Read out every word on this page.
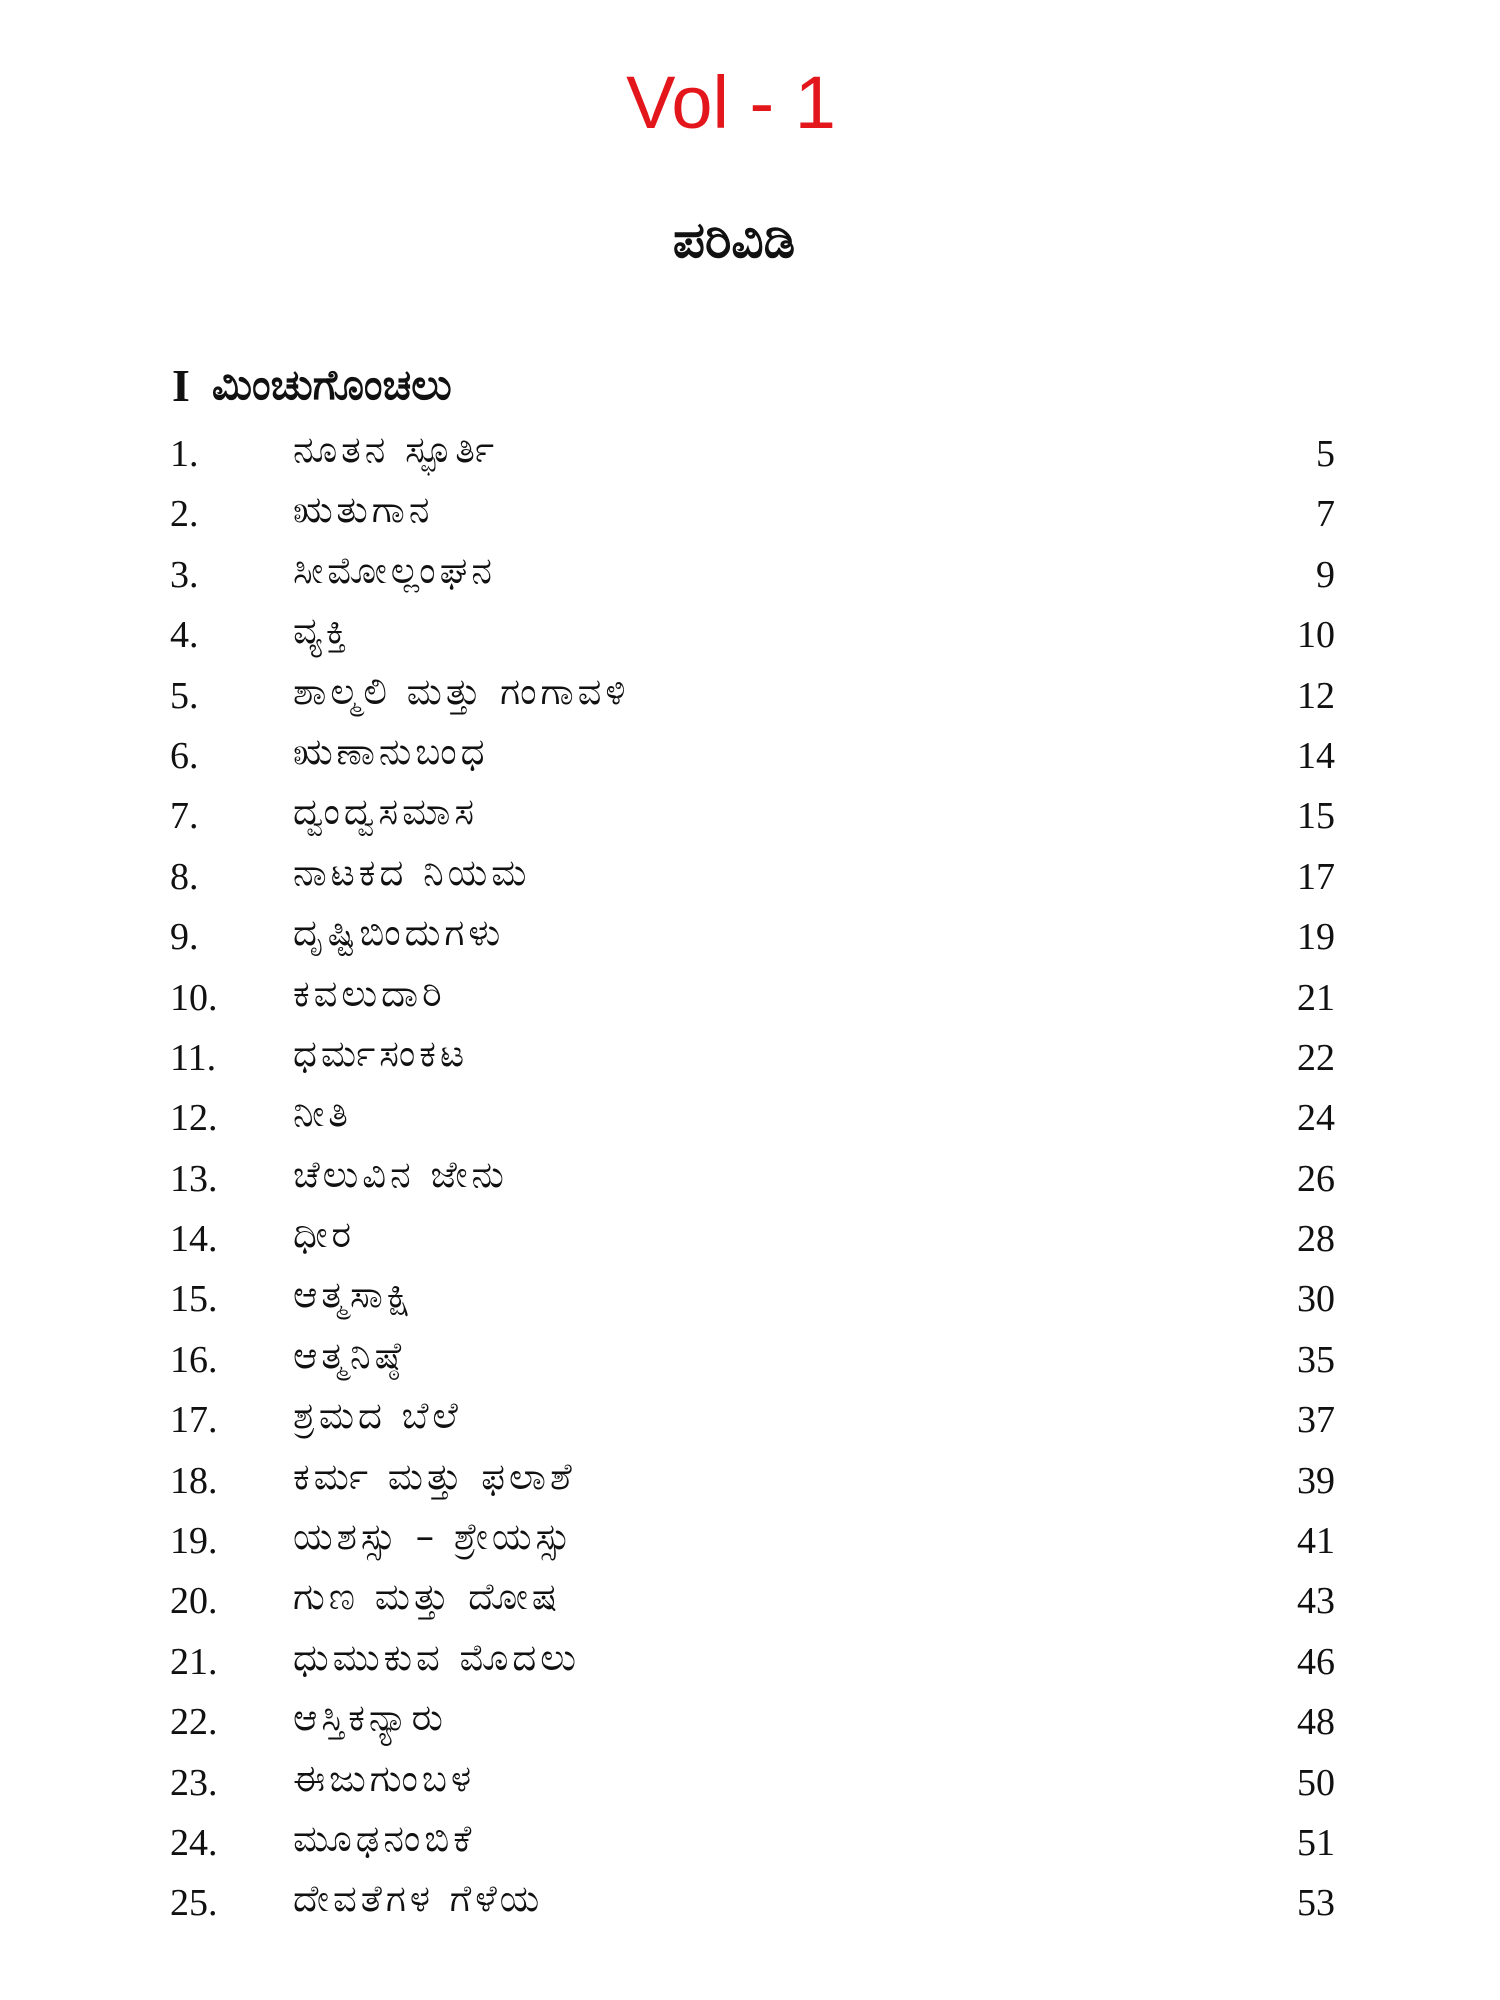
Vol - 1
ಪರಿವಿಡಿ
I ಮಿಂಚುಗೊಂಚಲು
1.	ನೂತನ ಸ್ಫೂರ್ತಿ	5
2.	ಋತುಗಾನ	7
3.	ಸೀಮೋಲ್ಲಂಘನ	9
4.	ವ್ಯಕ್ತಿ	10
5.	ಶಾಲ್ಮಲಿ ಮತ್ತು ಗಂಗಾವಳಿ	12
6.	ಋಣಾನುಬಂಧ	14
7.	ದ್ವಂದ್ವಸಮಾಸ	15
8.	ನಾಟಕದ ನಿಯಮ	17
9.	ದೃಷ್ಟಿಬಿಂದುಗಳು	19
10. ಕವಲುದಾರಿ	21
11. ಧರ್ಮಸಂಕಟ	22
12. ನೀತಿ	24
13. ಚೆಲುವಿನ ಜೇನು	26
14. ಧೀರ	28
15. ಆತ್ಮಸಾಕ್ಷಿ	30
16. ಆತ್ಮನಿಷ್ಠೆ	35
17. ಶ್ರಮದ ಬೆಲೆ	37
18. ಕರ್ಮ ಮತ್ತು ಫಲಾಶೆ	39
19. ಯಶಸ್ಸು – ಶ್ರೇಯಸ್ಸು	41
20. ಗುಣ ಮತ್ತು ದೋಷ	43
21. ಧುಮುಕುವ ಮೊದಲು	46
22. ಆಸ್ತಿಕನ್ಯಾರು	48
23. ಈಜುಗುಂಬಳ	50
24. ಮೂಢನಂಬಿಕೆ	51
25. ದೇವತೆಗಳ ಗೆಳೆಯ	53
